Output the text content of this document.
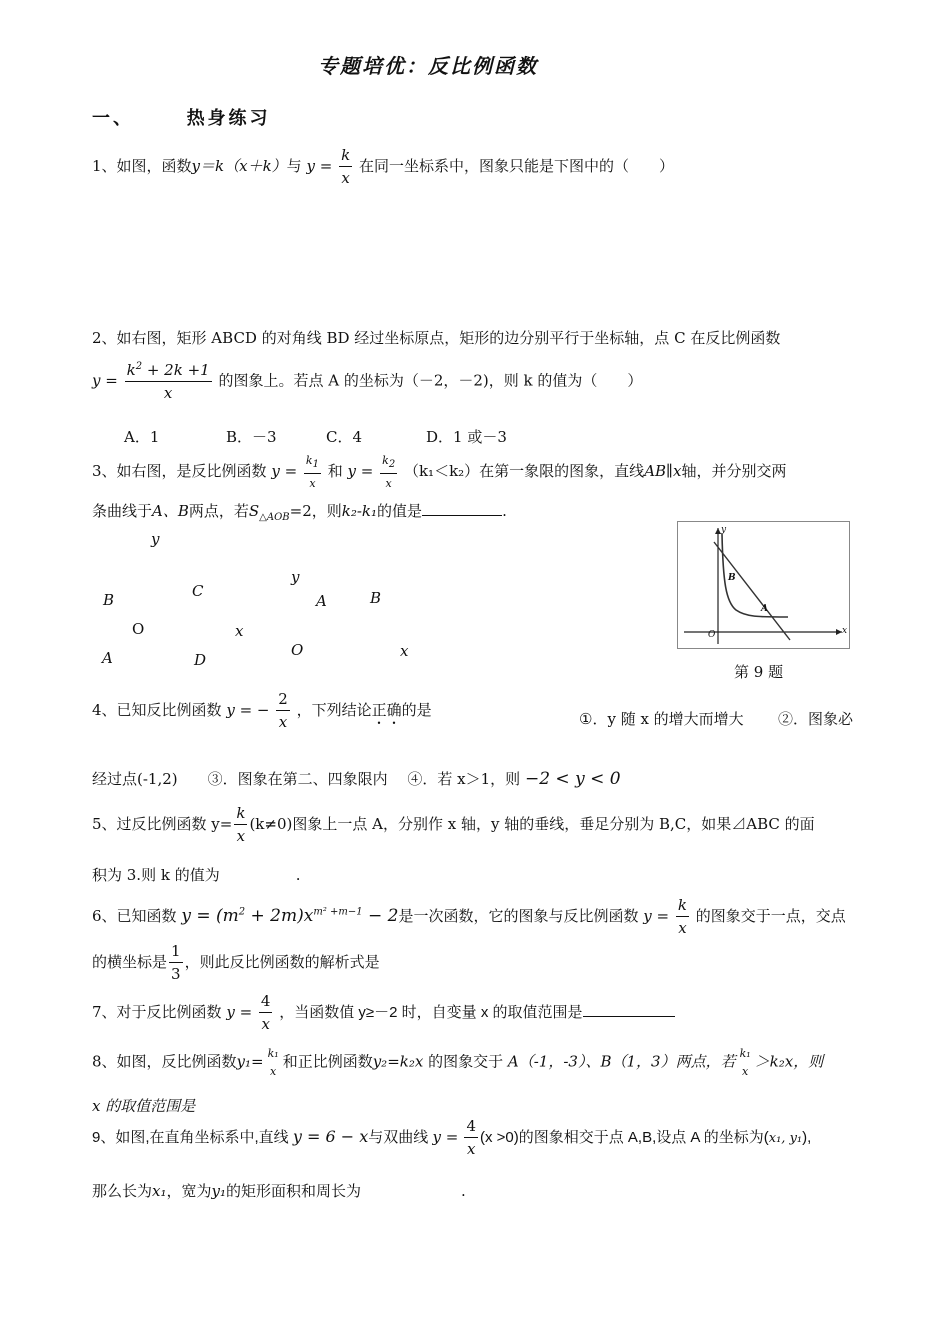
专题培优：反比例函数
一、	热身练习
1、如图，函数y＝k（x＋k）与 $y = \frac{k}{x}$ 在同一坐标系中，图象只能是下图中的（　　）
2、如右图，矩形 ABCD 的对角线 BD 经过坐标原点，矩形的边分别平行于坐标轴，点 C 在反比例函数
$y = \frac{k^2 + 2k +1}{x}$ 的图象上。若点 A 的坐标为（－2，－2)，则 k 的值为（　　）
A．1	B．－3	C．4	D．1 或－3
3、如右图，是反比例函数 $y = \frac{k_1}{x}$ 和 $y = \frac{k_2}{x} (k_1<k_2)$在第一象限的图象，直线AB∥x轴，并分别交两
条曲线于A、B两点，若$S_{\triangle AOB}=2$，则k₂-k₁的值是	.
y
B	C
O	x
A	D
y
A	B
O	x
y
x
B
A
O
第 9 题
4、已知反比例函数 y = − $\frac{2}{x}$ ，下列结论正确的是	①．y 随 x 的增大而增大 ②．图象必
经过点(-1,2)　　③．图象在第二、四象限内　 ④．若 x＞1，则 −2 < y < 0
5、过反比例函数 $y= \frac{k}{x} (k\ne 0)$图象上一点 A，分别作 x 轴，y 轴的垂线，垂足分别为 B,C，如果⊿ABC 的面
积为 3.则 k 的值为	.
6、已知函数 $y = (m^2 + 2m)x^{m^2 +m-1} - 2$是一次函数，它的图象与反比例函数 $y = \frac{k}{x}$ 的图象交于一点，交点
的横坐标是 $\frac{1}{3}$ ，则此反比例函数的解析式是
7、对于反比例函数 $y = \frac{4}{x}$ ，当函数值 y≥－2 时，自变量 x 的取值范围是
8、如图，反比例函数y₁= k₁
x
和正比例函数y₂=k₂x 的图象交于 A（-1，-3）、B（1，3）两点，若 k₁
x
＞k₂x，则
x 的取值范围是
9、如图,在直角坐标系中,直线 y = 6 − x与双曲线 $y = \frac{4}{x} (x >0)$的图象相交于点 A,B,设点 A 的坐标为(x₁, y₁),
那么长为x₁，宽为y₁的矩形面积和周长为	.
